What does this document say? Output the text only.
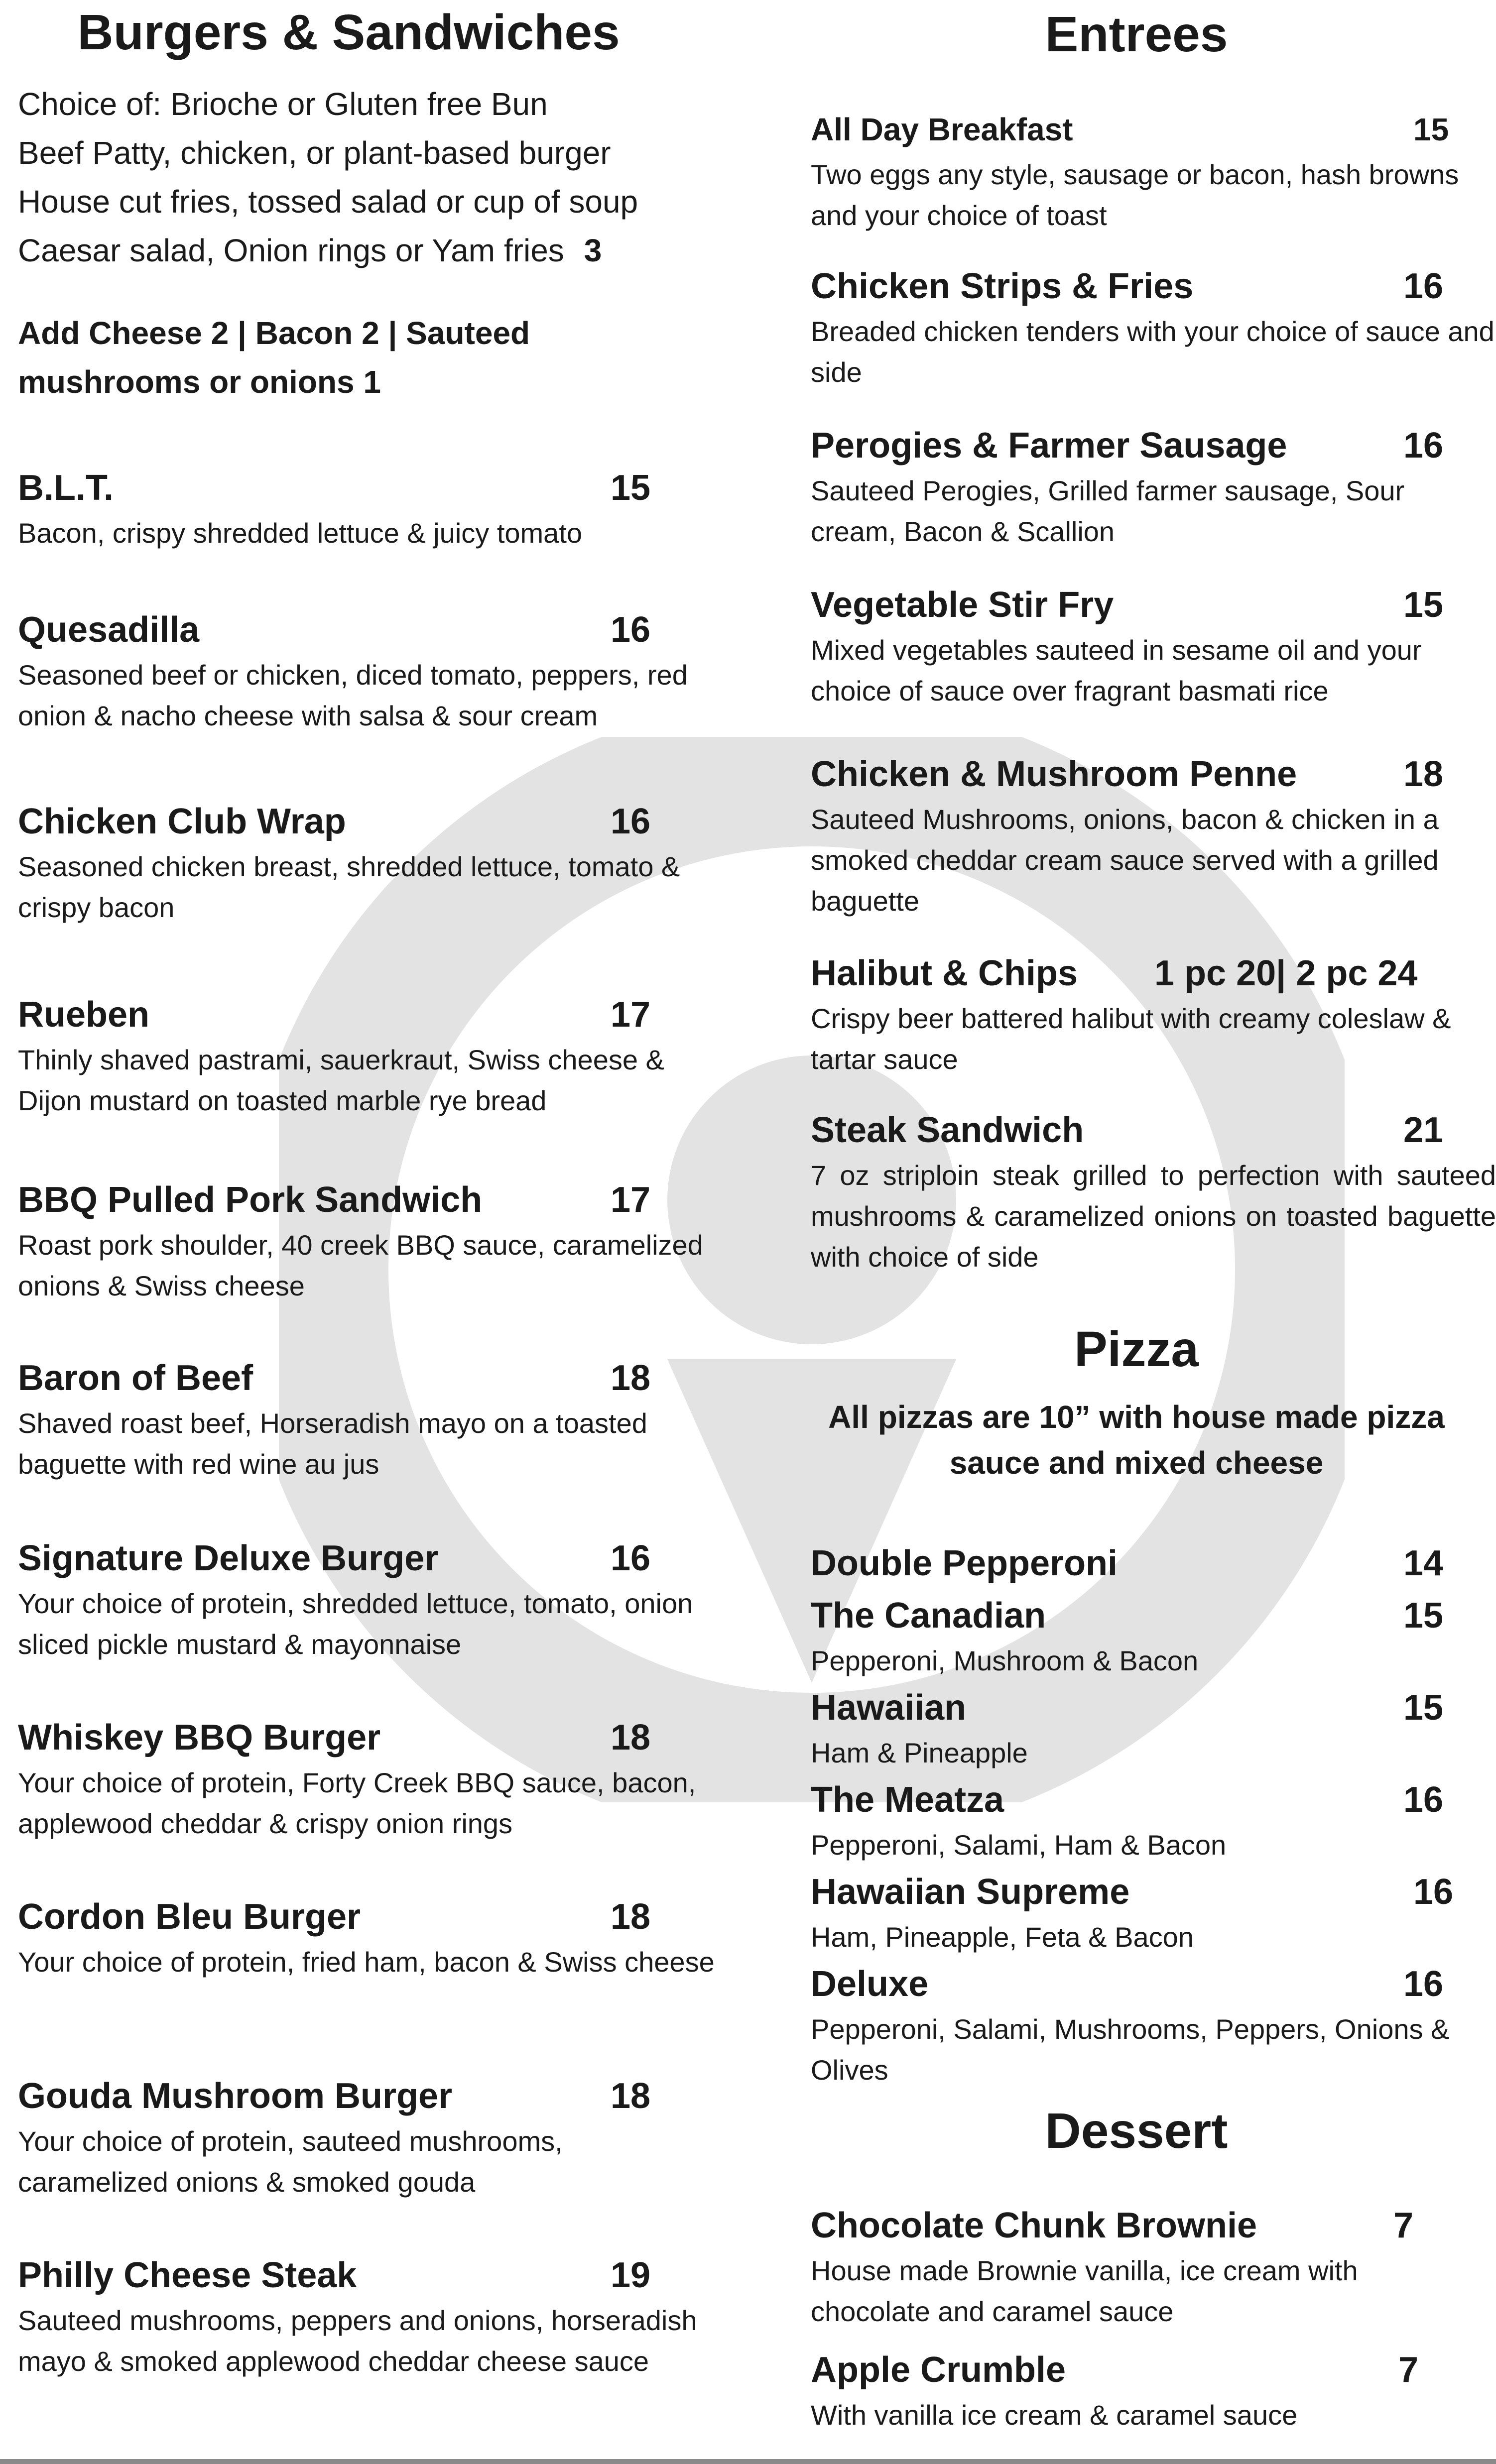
Burgers & Sandwiches
Choice of: Brioche or Gluten free Bun
Beef Patty, chicken, or plant-based burger
House cut fries, tossed salad or cup of soup
Caesar salad, Onion rings or Yam fries 3
Add Cheese 2 | Bacon 2 | Sauteed
mushrooms or onions 1
B.L.T.	15
Bacon, crispy shredded lettuce & juicy tomato
Quesadilla	16
Seasoned beef or chicken, diced tomato, peppers, red onion & nacho cheese with salsa & sour cream
Chicken Club Wrap	16
Seasoned chicken breast, shredded lettuce, tomato & crispy bacon
Rueben	17
Thinly shaved pastrami, sauerkraut, Swiss cheese & Dijon mustard on toasted marble rye bread
BBQ Pulled Pork Sandwich	17
Roast pork shoulder, 40 creek BBQ sauce, caramelized onions & Swiss cheese
Baron of Beef	18
Shaved roast beef, Horseradish mayo on a toasted baguette with red wine au jus
Signature Deluxe Burger	16
Your choice of protein, shredded lettuce, tomato, onion sliced pickle mustard & mayonnaise
Whiskey BBQ Burger	18
Your choice of protein, Forty Creek BBQ sauce, bacon, applewood cheddar & crispy onion rings
Cordon Bleu Burger	18
Your choice of protein, fried ham, bacon & Swiss cheese
Gouda Mushroom Burger	18
Your choice of protein, sauteed mushrooms, caramelized onions & smoked gouda
Philly Cheese Steak	19
Sauteed mushrooms, peppers and onions, horseradish mayo & smoked applewood cheddar cheese sauce
Entrees
All Day Breakfast	15
Two eggs any style, sausage or bacon, hash browns and your choice of toast
Chicken Strips & Fries	16
Breaded chicken tenders with your choice of sauce and side
Perogies & Farmer Sausage	16
Sauteed Perogies, Grilled farmer sausage, Sour cream, Bacon & Scallion
Vegetable Stir Fry	15
Mixed vegetables sauteed in sesame oil and your choice of sauce over fragrant basmati rice
Chicken & Mushroom Penne	18
Sauteed Mushrooms, onions, bacon & chicken in a smoked cheddar cream sauce served with a grilled baguette
Halibut & Chips 1 pc 20| 2 pc 24
Crispy beer battered halibut with creamy coleslaw & tartar sauce
Steak Sandwich	21
7 oz striploin steak grilled to perfection with sauteed mushrooms & caramelized onions on toasted baguette with choice of side
Pizza
All pizzas are 10” with house made pizza sauce and mixed cheese
Double Pepperoni	14
The Canadian	15
Pepperoni, Mushroom & Bacon
Hawaiian	15
Ham & Pineapple
The Meatza	16
Pepperoni, Salami, Ham & Bacon
Hawaiian Supreme	16
Ham, Pineapple, Feta & Bacon
Deluxe	16
Pepperoni, Salami, Mushrooms, Peppers, Onions & Olives
Dessert
Chocolate Chunk Brownie	7
House made Brownie vanilla, ice cream with chocolate and caramel sauce
Apple Crumble	7
With vanilla ice cream & caramel sauce
